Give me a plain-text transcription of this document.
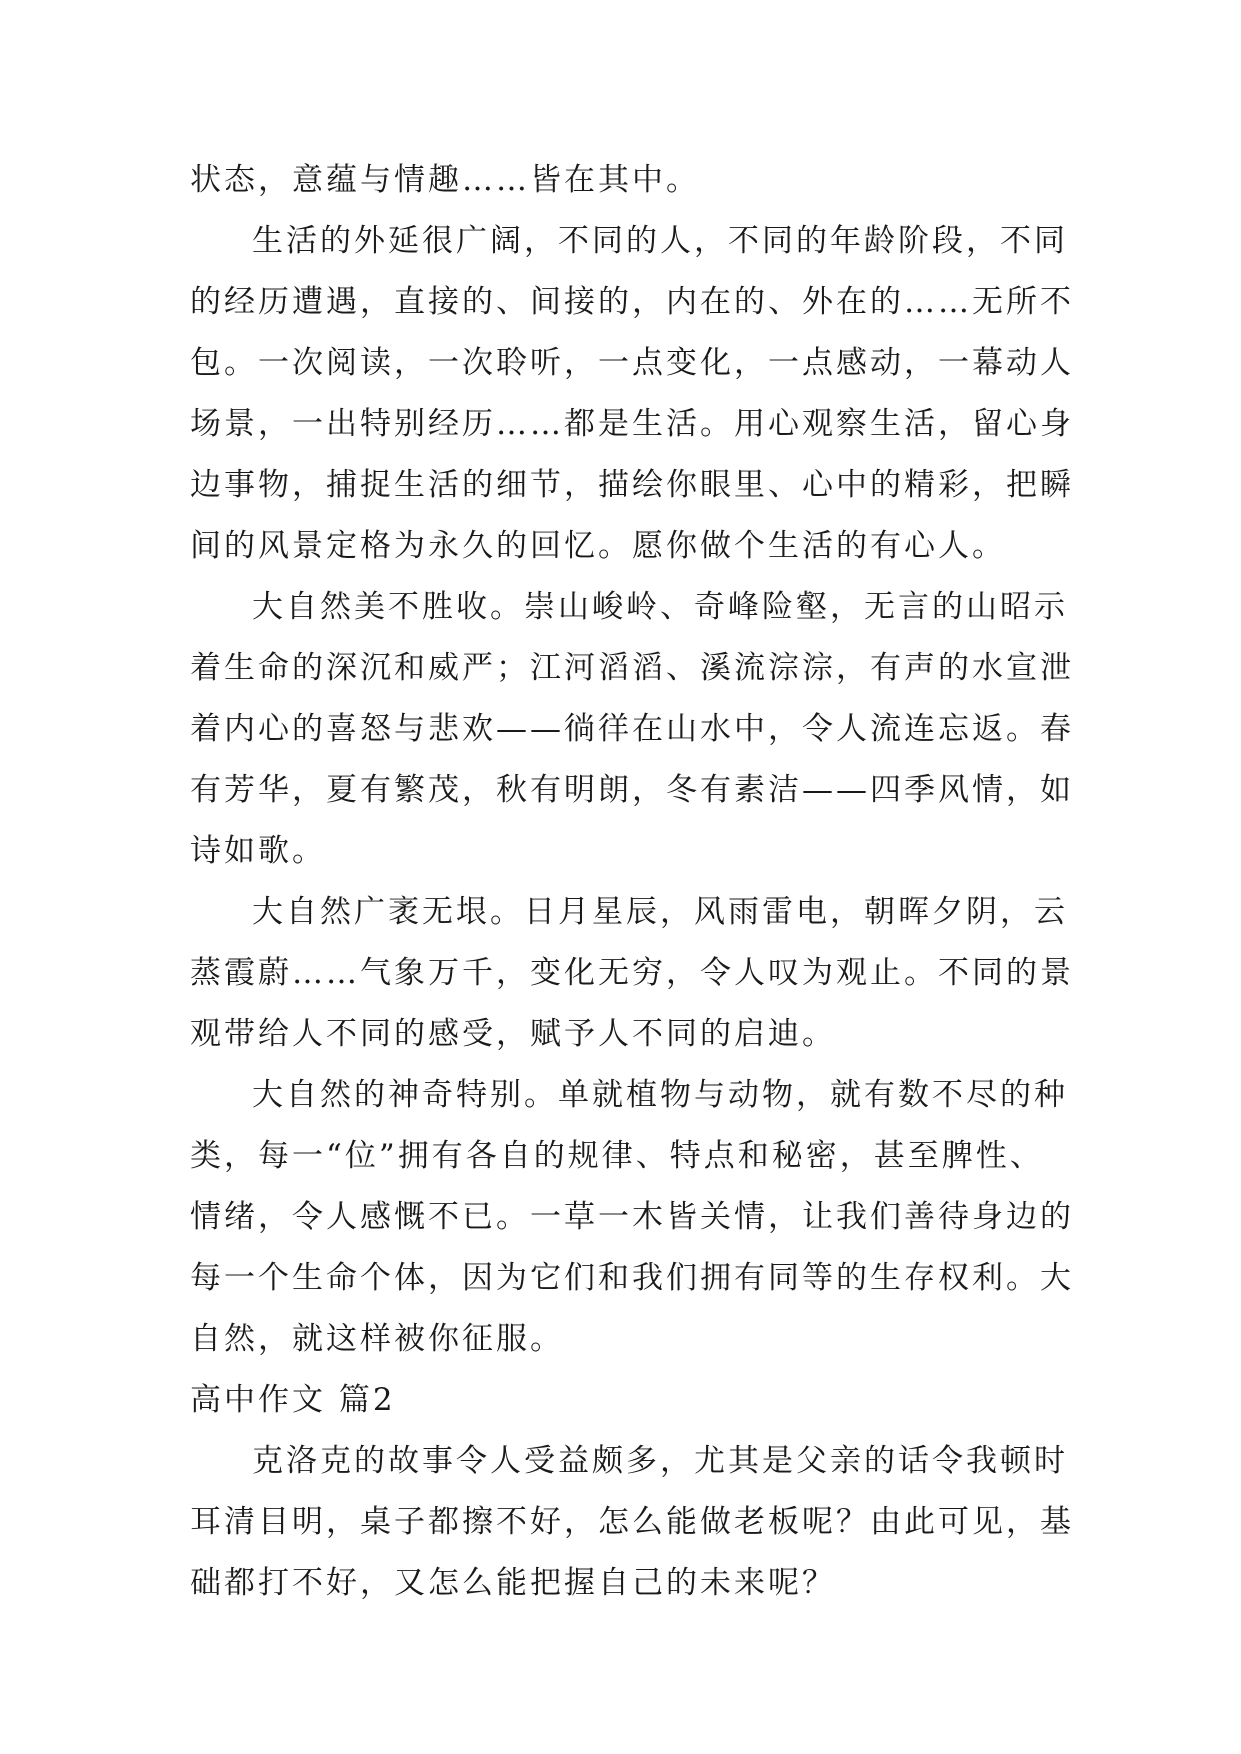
状态，意蕴与情趣……皆在其中。
生活的外延很广阔，不同的人，不同的年龄阶段，不同
的经历遭遇，直接的、间接的，内在的、外在的……无所不
包。一次阅读，一次聆听，一点变化，一点感动，一幕动人
场景，一出特别经历……都是生活。用心观察生活，留心身
边事物，捕捉生活的细节，描绘你眼里、心中的精彩，把瞬
间的风景定格为永久的回忆。愿你做个生活的有心人。
大自然美不胜收。崇山峻岭、奇峰险壑，无言的山昭示
着生命的深沉和威严；江河滔滔、溪流淙淙，有声的水宣泄
着内心的喜怒与悲欢——徜徉在山水中，令人流连忘返。春
有芳华，夏有繁茂，秋有明朗，冬有素洁——四季风情，如
诗如歌。
大自然广袤无垠。日月星辰，风雨雷电，朝晖夕阴，云
蒸霞蔚……气象万千，变化无穷，令人叹为观止。不同的景
观带给人不同的感受，赋予人不同的启迪。
大自然的神奇特别。单就植物与动物，就有数不尽的种
类，每一“位”拥有各自的规律、特点和秘密，甚至脾性、
情绪，令人感慨不已。一草一木皆关情，让我们善待身边的
每一个生命个体，因为它们和我们拥有同等的生存权利。大
自然，就这样被你征服。
高中作文 篇2
克洛克的故事令人受益颇多，尤其是父亲的话令我顿时
耳清目明，桌子都擦不好，怎么能做老板呢？由此可见，基
础都打不好，又怎么能把握自己的未来呢？
